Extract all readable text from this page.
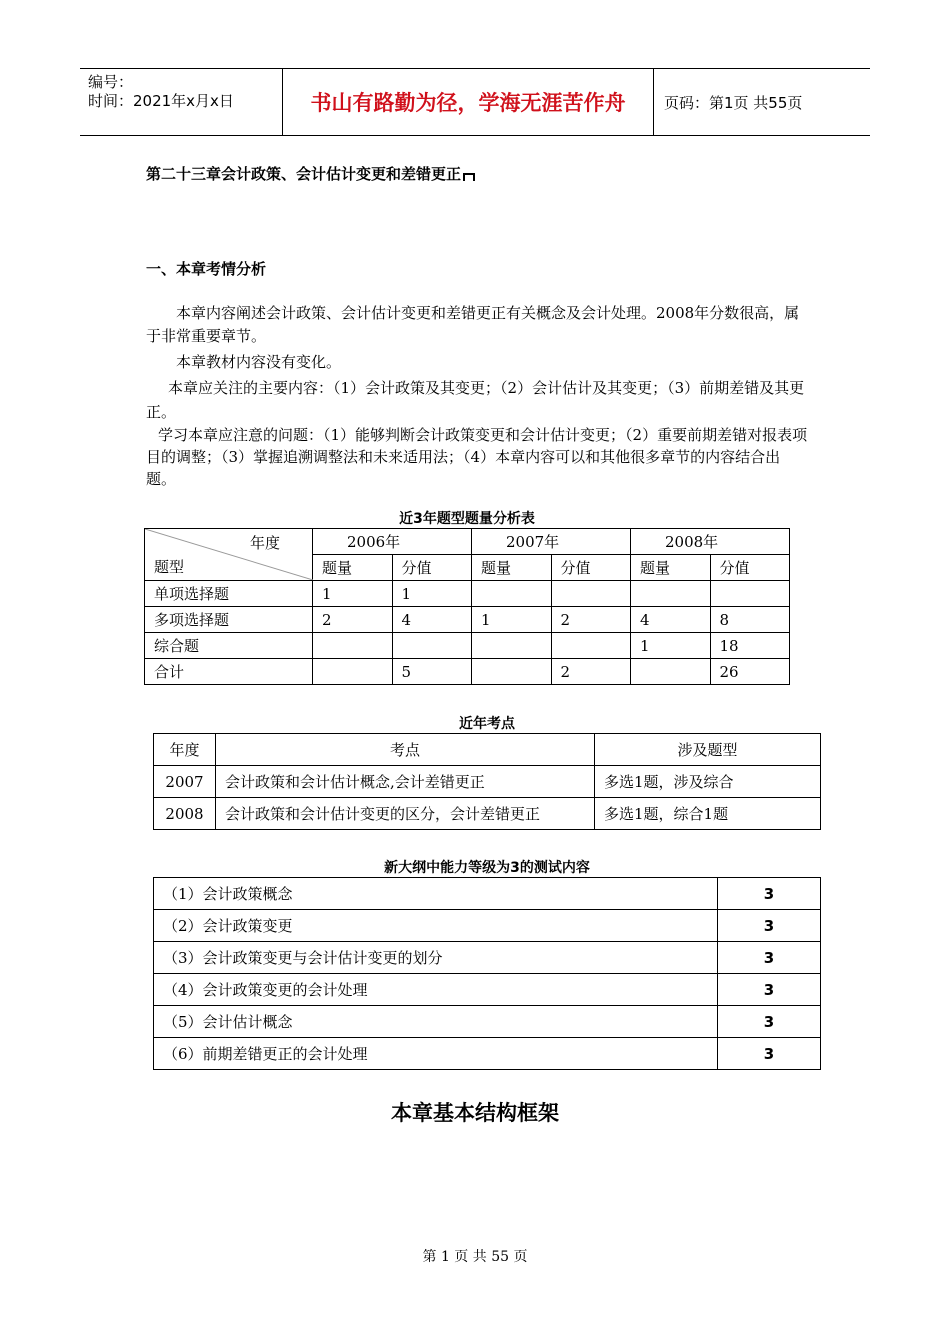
编号：
时间：2021年x月x日	书山有路勤为径，学海无涯苦作舟	页码：第1页 共55页
第二十三章会计政策、会计估计变更和差错更正
一、本章考情分析
本章内容阐述会计政策、会计估计变更和差错更正有关概念及会计处理。2008年分数很高，属于非常重要章节。
本章教材内容没有变化。
本章应关注的主要内容：（1）会计政策及其变更；（2）会计估计及其变更；（3）前期差错及其更正。
学习本章应注意的问题：（1）能够判断会计政策变更和会计估计变更；（2）重要前期差错对报表项目的调整；（3）掌握追溯调整法和未来适用法；（4）本章内容可以和其他很多章节的内容结合出题。
近3年题型题量分析表
年度
题型	2006年		2007年		2008年	
	题量	分值	题量	分值	题量	分值
单项选择题	1	1				
多项选择题	2	4	1	2	4	8
综合题					1	18
合计		5		2		26
近年考点
年度	考点	涉及题型
2007	会计政策和会计估计概念,会计差错更正	多选1题，涉及综合
2008	会计政策和会计估计变更的区分，会计差错更正	多选1题，综合1题
新大纲中能力等级为3的测试内容
（1）会计政策概念	3
（2）会计政策变更	3
（3）会计政策变更与会计估计变更的划分	3
（4）会计政策变更的会计处理	3
（5）会计估计概念	3
（6）前期差错更正的会计处理	3
本章基本结构框架
第 1 页 共 55 页
